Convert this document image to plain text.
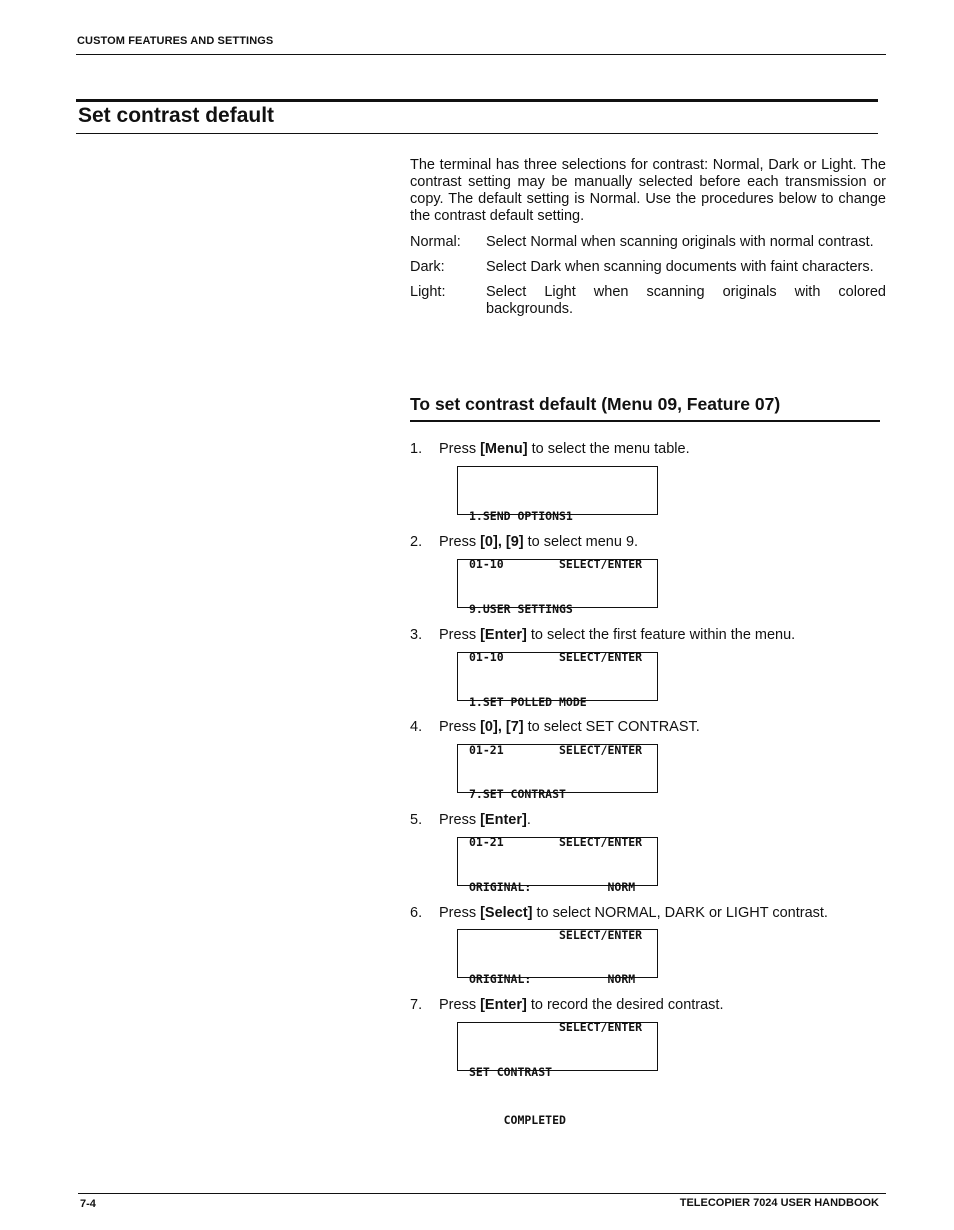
CUSTOM FEATURES AND SETTINGS
Set contrast default
The terminal has three selections for contrast: Normal, Dark or Light. The contrast setting may be manually selected before each transmission or copy. The default setting is Normal. Use the procedures below to change the contrast default setting.
Normal:	Select Normal when scanning originals with normal contrast.
Dark:	Select Dark when scanning documents with faint characters.
Light:	Select Light when scanning originals with colored backgrounds.
To set contrast default (Menu 09, Feature 07)
1. Press [Menu] to select the menu table.

1.SEND OPTIONS1

01-10        SELECT/ENTER

2. Press [0], [9] to select menu 9.

9.USER SETTINGS

01-10        SELECT/ENTER

3. Press [Enter] to select the first feature within the menu.

1.SET POLLED MODE

01-21        SELECT/ENTER

4. Press [0], [7] to select SET CONTRAST.

7.SET CONTRAST

01-21        SELECT/ENTER

5. Press [Enter].

ORIGINAL:           NORM

SELECT/ENTER

6. Press [Select] to select NORMAL, DARK or LIGHT contrast.

ORIGINAL:           NORM

SELECT/ENTER

7. Press [Enter] to record the desired contrast.

SET CONTRAST

COMPLETED

7-4	TELECOPIER 7024 USER HANDBOOK
